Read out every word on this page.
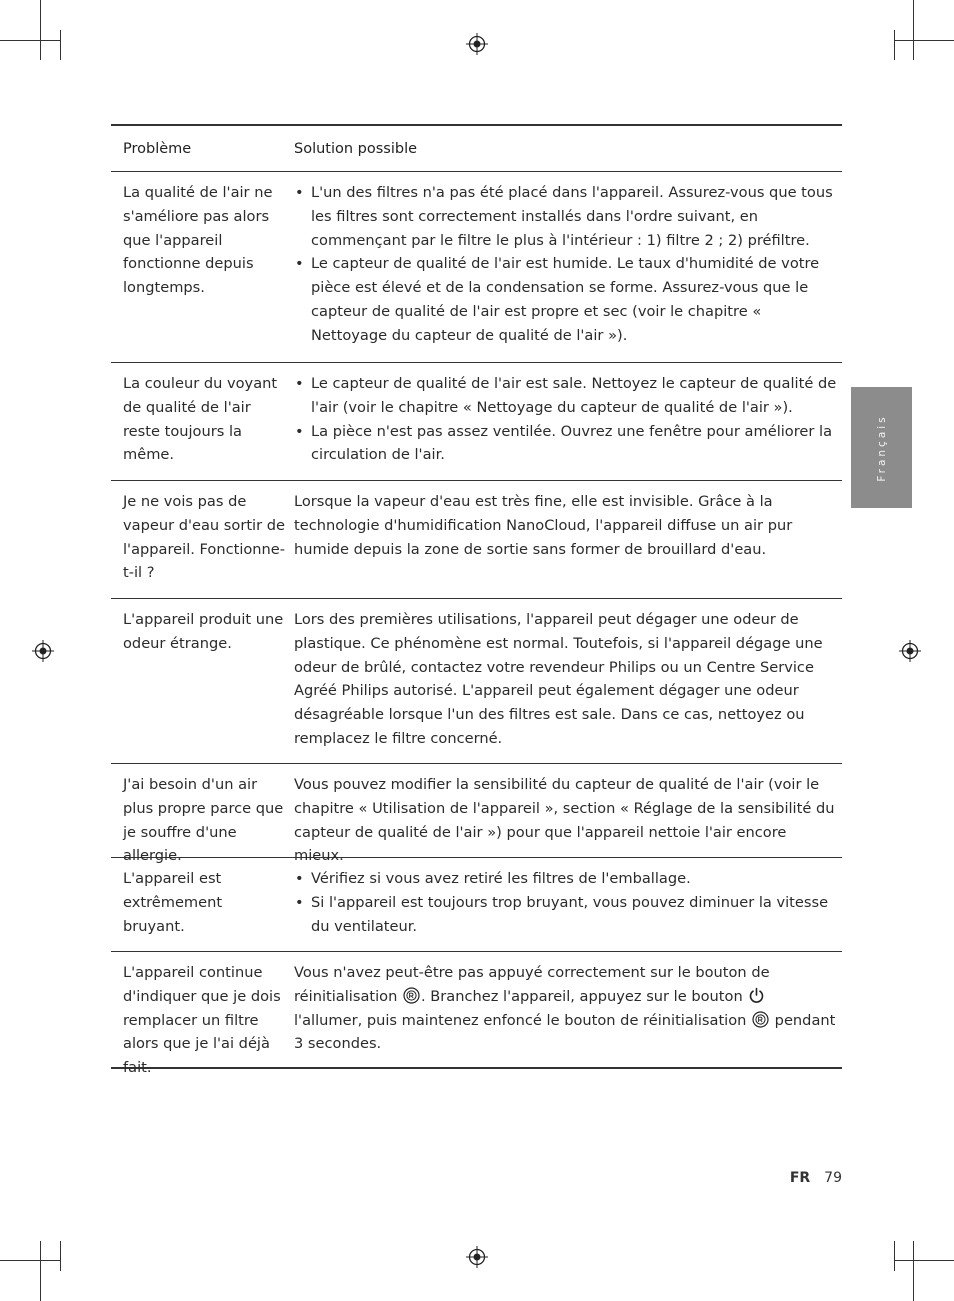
Problème	Solution possible
La qualité de l'air ne s'améliore pas alors que l'appareil fonctionne depuis longtemps.
• L'un des filtres n'a pas été placé dans l'appareil. Assurez-vous que tous les filtres sont correctement installés dans l'ordre suivant, en commençant par le filtre le plus à l'intérieur : 1) filtre 2 ; 2) préfiltre.
• Le capteur de qualité de l'air est humide. Le taux d'humidité de votre pièce est élevé et de la condensation se forme. Assurez-vous que le capteur de qualité de l'air est propre et sec (voir le chapitre « Nettoyage du capteur de qualité de l'air »).
La couleur du voyant de qualité de l'air reste toujours la même.
• Le capteur de qualité de l'air est sale. Nettoyez le capteur de qualité de l'air (voir le chapitre « Nettoyage du capteur de qualité de l'air »).
• La pièce n'est pas assez ventilée. Ouvrez une fenêtre pour améliorer la circulation de l'air.
Je ne vois pas de vapeur d'eau sortir de l'appareil. Fonctionne-t-il ?
Lorsque la vapeur d'eau est très fine, elle est invisible. Grâce à la technologie d'humidification NanoCloud, l'appareil diffuse un air pur humide depuis la zone de sortie sans former de brouillard d'eau.
L'appareil produit une odeur étrange.
Lors des premières utilisations, l'appareil peut dégager une odeur de plastique. Ce phénomène est normal. Toutefois, si l'appareil dégage une odeur de brûlé, contactez votre revendeur Philips ou un Centre Service Agréé Philips autorisé. L'appareil peut également dégager une odeur désagréable lorsque l'un des filtres est sale. Dans ce cas, nettoyez ou remplacez le filtre concerné.
J'ai besoin d'un air plus propre parce que je souffre d'une allergie.
Vous pouvez modifier la sensibilité du capteur de qualité de l'air (voir le chapitre « Utilisation de l'appareil », section « Réglage de la sensibilité du capteur de qualité de l'air ») pour que l'appareil nettoie l'air encore mieux.
L'appareil est extrêmement bruyant.
• Vérifiez si vous avez retiré les filtres de l'emballage.
• Si l'appareil est toujours trop bruyant, vous pouvez diminuer la vitesse du ventilateur.
L'appareil continue d'indiquer que je dois remplacer un filtre alors que je l'ai déjà fait.
Vous n'avez peut-être pas appuyé correctement sur le bouton de réinitialisation . Branchez l'appareil, appuyez sur le bouton  l'allumer, puis maintenez enfoncé le bouton de réinitialisation  pendant 3 secondes.
Français
FR 79
